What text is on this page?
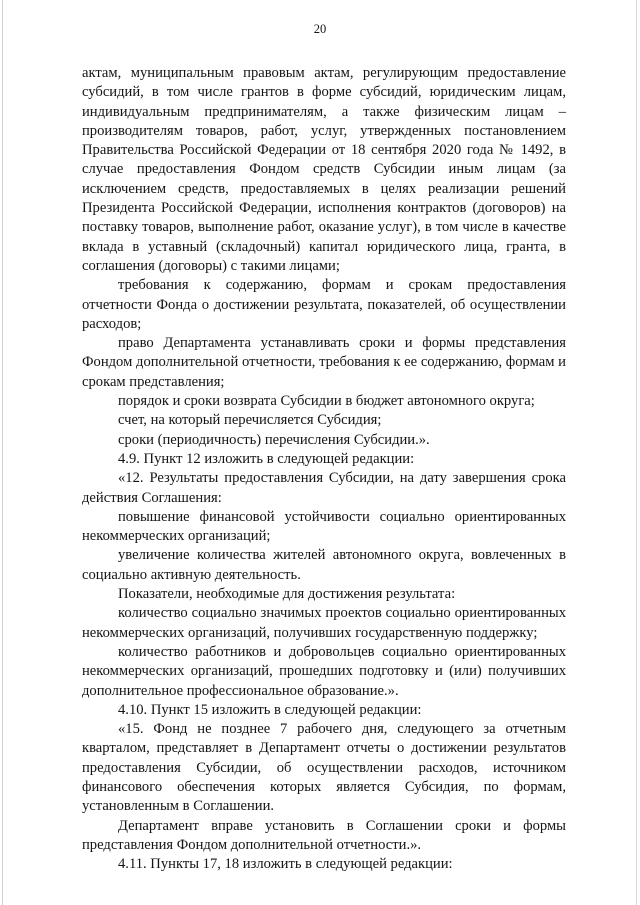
20

актам, муниципальным правовым актам, регулирующим предоставление субсидий, в том числе грантов в форме субсидий, юридическим лицам, индивидуальным предпринимателям, а также физическим лицам – производителям товаров, работ, услуг, утвержденных постановлением Правительства Российской Федерации от 18 сентября 2020 года № 1492, в случае предоставления Фондом средств Субсидии иным лицам (за исключением средств, предоставляемых в целях реализации решений Президента Российской Федерации, исполнения контрактов (договоров) на поставку товаров, выполнение работ, оказание услуг), в том числе в качестве вклада в уставный (складочный) капитал юридического лица, гранта, в соглашения (договоры) с такими лицами;

требования к содержанию, формам и срокам предоставления отчетности Фонда о достижении результата, показателей, об осуществлении расходов;

право Департамента устанавливать сроки и формы представления Фондом дополнительной отчетности, требования к ее содержанию, формам и срокам представления;

порядок и сроки возврата Субсидии в бюджет автономного округа;

счет, на который перечисляется Субсидия;

сроки (периодичность) перечисления Субсидии.».

4.9. Пункт 12 изложить в следующей редакции:

«12. Результаты предоставления Субсидии, на дату завершения срока действия Соглашения:

повышение финансовой устойчивости социально ориентированных некоммерческих организаций;

увеличение количества жителей автономного округа, вовлеченных в социально активную деятельность.

Показатели, необходимые для достижения результата:

количество социально значимых проектов социально ориентированных некоммерческих организаций, получивших государственную поддержку;

количество работников и добровольцев социально ориентированных некоммерческих организаций, прошедших подготовку и (или) получивших дополнительное профессиональное образование.».

4.10. Пункт 15 изложить в следующей редакции:

«15. Фонд не позднее 7 рабочего дня, следующего за отчетным кварталом, представляет в Департамент отчеты о достижении результатов предоставления Субсидии, об осуществлении расходов, источником финансового обеспечения которых является Субсидия, по формам, установленным в Соглашении.

Департамент вправе установить в Соглашении сроки и формы представления Фондом дополнительной отчетности.».

4.11. Пункты 17, 18 изложить в следующей редакции:
